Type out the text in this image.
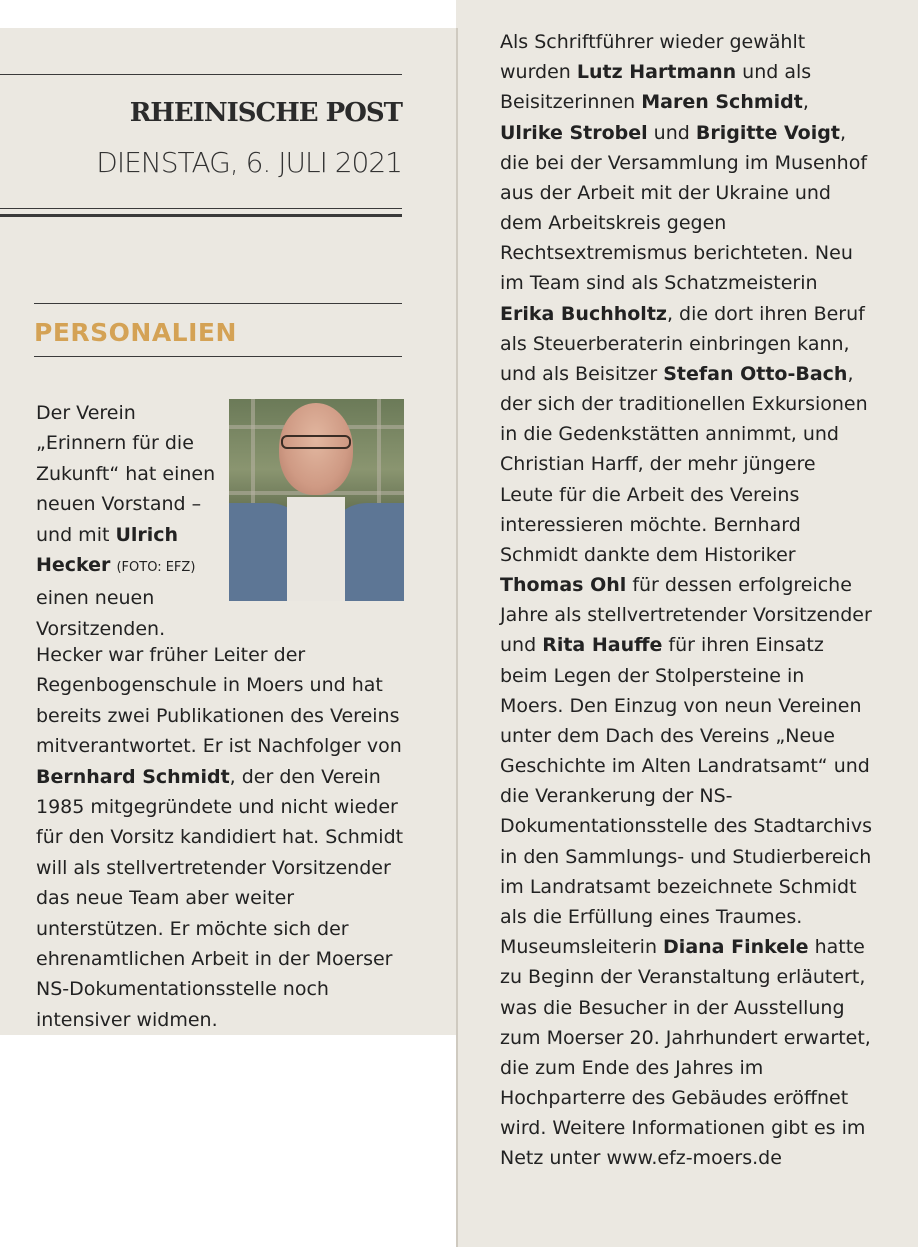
RHEINISCHE POST
DIENSTAG, 6. JULI 2021
PERSONALIEN
Der Verein „Erinnern für die Zukunft“ hat einen neuen Vorstand – und mit Ulrich Hecker (FOTO: EFZ) einen neuen Vorsitzenden.
Hecker war früher Leiter der Regenbogenschule in Moers und hat bereits zwei Publikationen des Vereins mitverantwortet. Er ist Nachfolger von Bernhard Schmidt, der den Verein 1985 mitgegründete und nicht wieder für den Vorsitz kandidiert hat. Schmidt will als stellvertretender Vorsitzender das neue Team aber weiter unterstützen. Er möchte sich der ehrenamtlichen Arbeit in der Moerser NS-Dokumentationsstelle noch intensiver widmen.

Als Schriftführer wieder gewählt wurden Lutz Hartmann und als Beisitzerinnen Maren Schmidt, Ulrike Strobel und Brigitte Voigt, die bei der Versammlung im Musenhof aus der Arbeit mit der Ukraine und dem Arbeitskreis gegen Rechtsextremismus berichteten. Neu im Team sind als Schatzmeisterin Erika Buchholtz, die dort ihren Beruf als Steuerberaterin einbringen kann, und als Beisitzer Stefan Otto-Bach, der sich der traditionellen Exkursionen in die Gedenkstätten annimmt, und Christian Harff, der mehr jüngere Leute für die Arbeit des Vereins interessieren möchte. Bernhard Schmidt dankte dem Historiker Thomas Ohl für dessen erfolgreiche Jahre als stellvertretender Vorsitzender und Rita Hauffe für ihren Einsatz beim Legen der Stolpersteine in Moers. Den Einzug von neun Vereinen unter dem Dach des Vereins „Neue Geschichte im Alten Landratsamt“ und die Verankerung der NS-Dokumentationsstelle des Stadtarchivs in den Sammlungs- und Studierbereich im Landratsamt bezeichnete Schmidt als die Erfüllung eines Traumes.

Museumsleiterin Diana Finkele hatte zu Beginn der Veranstaltung erläutert, was die Besucher in der Ausstellung zum Moerser 20. Jahrhundert erwartet, die zum Ende des Jahres im Hochparterre des Gebäudes eröffnet wird. Weitere Informationen gibt es im Netz unter www.efz-moers.de
